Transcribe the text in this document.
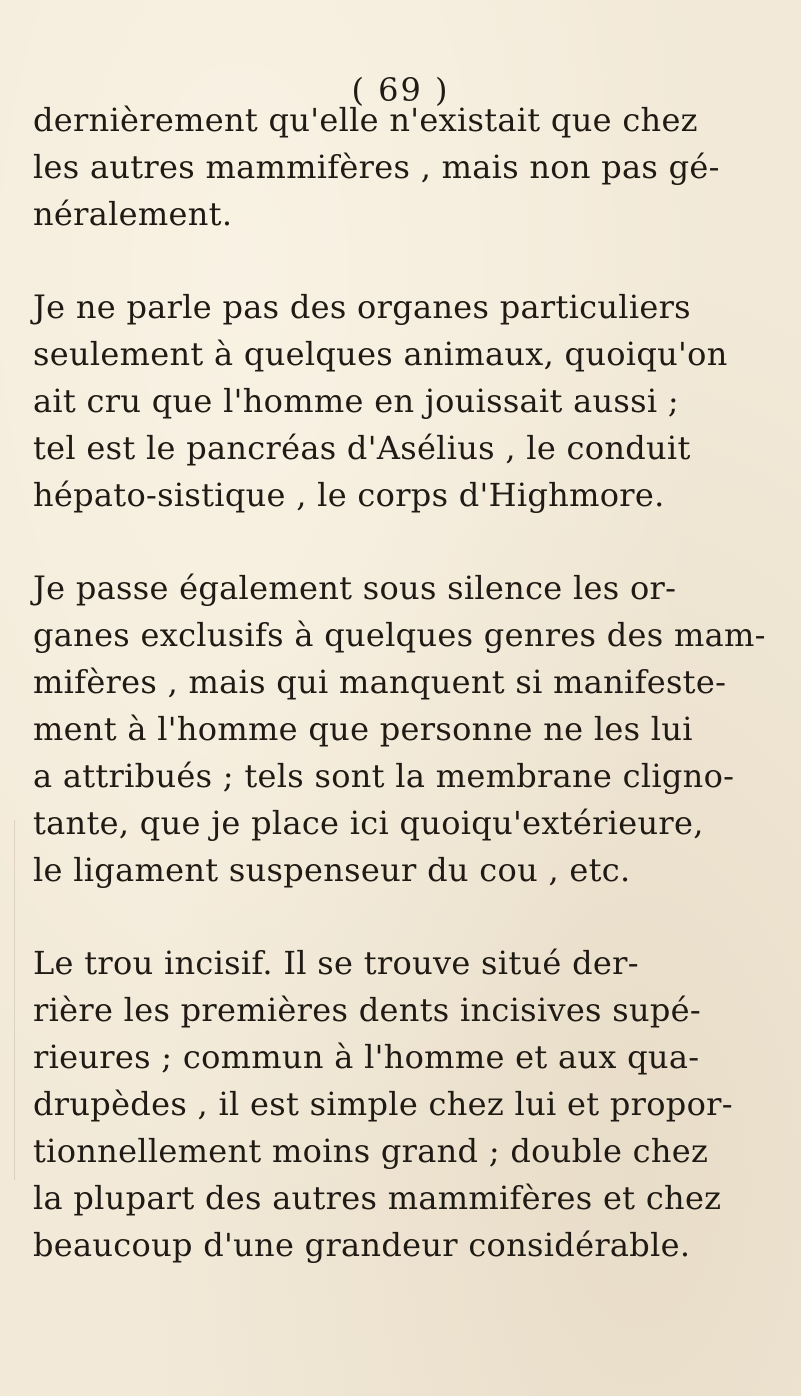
( 69 )
dernièrement qu'elle n'existait que chez
les autres mammifères , mais non pas gé-
néralement.
Je ne parle pas des organes particuliers
seulement à quelques animaux, quoiqu'on
ait cru que l'homme en jouissait aussi ;
tel est le pancréas d'Asélius , le conduit
hépato-sistique , le corps d'Highmore.
Je passe également sous silence les or-
ganes exclusifs à quelques genres des mam-
mifères , mais qui manquent si manifeste-
ment à l'homme que personne ne les lui
a attribués ; tels sont la membrane cligno-
tante, que je place ici quoiqu'extérieure,
le ligament suspenseur du cou , etc.
Le trou incisif. Il se trouve situé der-
rière les premières dents incisives supé-
rieures ; commun à l'homme et aux qua-
drupèdes , il est simple chez lui et propor-
tionnellement moins grand ; double chez
la plupart des autres mammifères et chez
beaucoup d'une grandeur considérable.
